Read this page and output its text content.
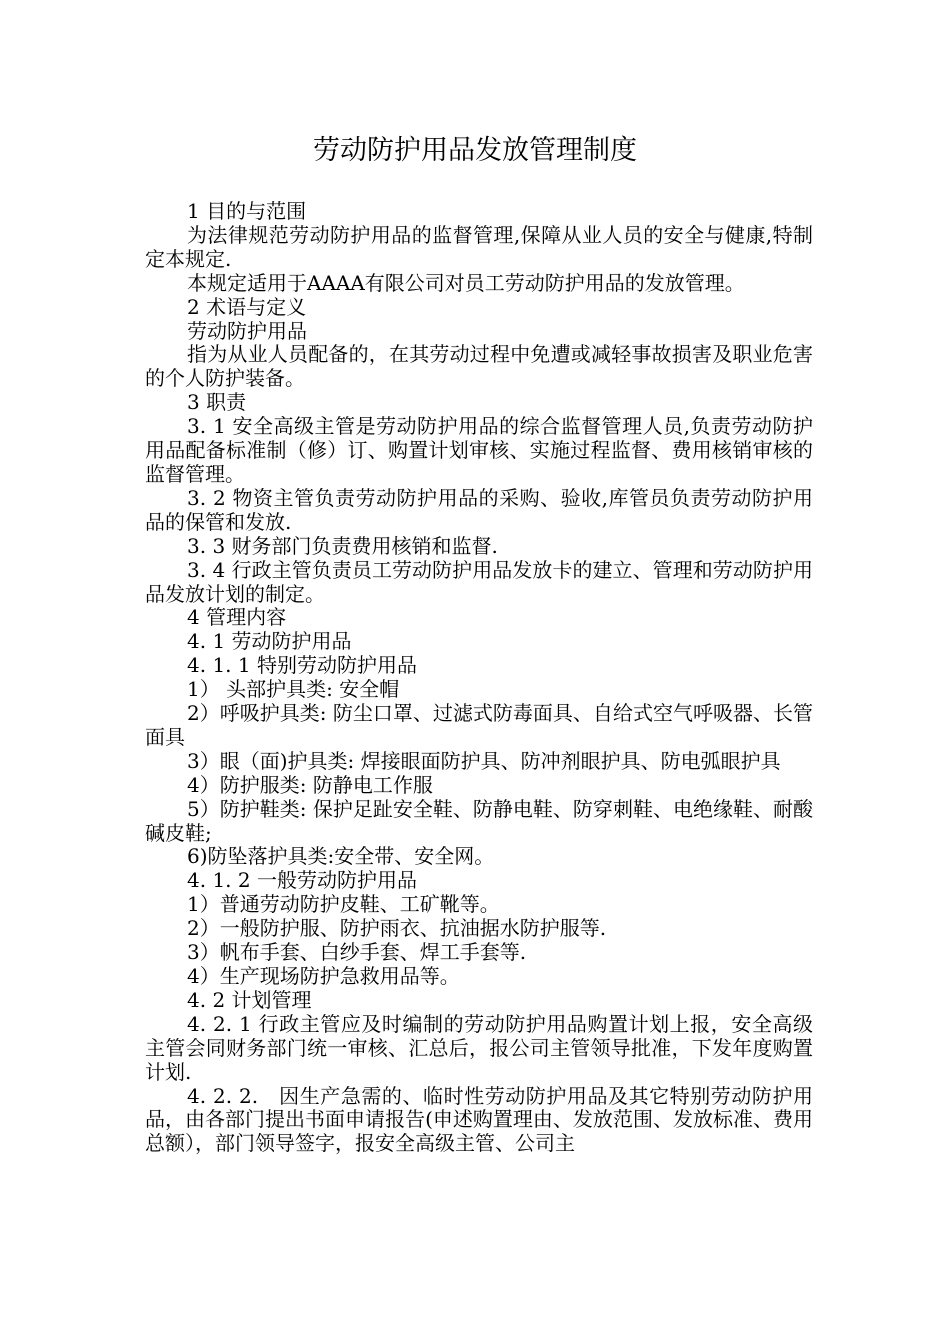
劳动防护用品发放管理制度

1 目的与范围

为法律规范劳动防护用品的监督管理,保障从业人员的安全与健康,特制定本规定.

本规定适用于AAAA有限公司对员工劳动防护用品的发放管理。

2 术语与定义

劳动防护用品

指为从业人员配备的，在其劳动过程中免遭或减轻事故损害及职业危害的个人防护装备。

3 职责

3. 1 安全高级主管是劳动防护用品的综合监督管理人员,负责劳动防护用品配备标准制（修）订、购置计划审核、实施过程监督、费用核销审核的监督管理。

3. 2 物资主管负责劳动防护用品的采购、验收,库管员负责劳动防护用品的保管和发放.

3. 3 财务部门负责费用核销和监督.

3. 4 行政主管负责员工劳动防护用品发放卡的建立、管理和劳动防护用品发放计划的制定。

4 管理内容

4. 1 劳动防护用品

4. 1. 1 特别劳动防护用品

1） 头部护具类: 安全帽

2）呼吸护具类: 防尘口罩、过滤式防毒面具、自给式空气呼吸器、长管面具

3）眼（面)护具类: 焊接眼面防护具、防冲剂眼护具、防电弧眼护具

4）防护服类: 防静电工作服

5）防护鞋类: 保护足趾安全鞋、防静电鞋、防穿刺鞋、电绝缘鞋、耐酸碱皮鞋;

6)防坠落护具类:安全带、安全网。

4. 1. 2 一般劳动防护用品

1）普通劳动防护皮鞋、工矿靴等。

2）一般防护服、防护雨衣、抗油据水防护服等.

3）帆布手套、白纱手套、焊工手套等.

4）生产现场防护急救用品等。

4. 2 计划管理

4. 2. 1 行政主管应及时编制的劳动防护用品购置计划上报，安全高级主管会同财务部门统一审核、汇总后，报公司主管领导批准，下发年度购置计划.

4. 2. 2.　因生产急需的、临时性劳动防护用品及其它特别劳动防护用品，由各部门提出书面申请报告(申述购置理由、发放范围、发放标准、费用总额），部门领导签字，报安全高级主管、公司主
